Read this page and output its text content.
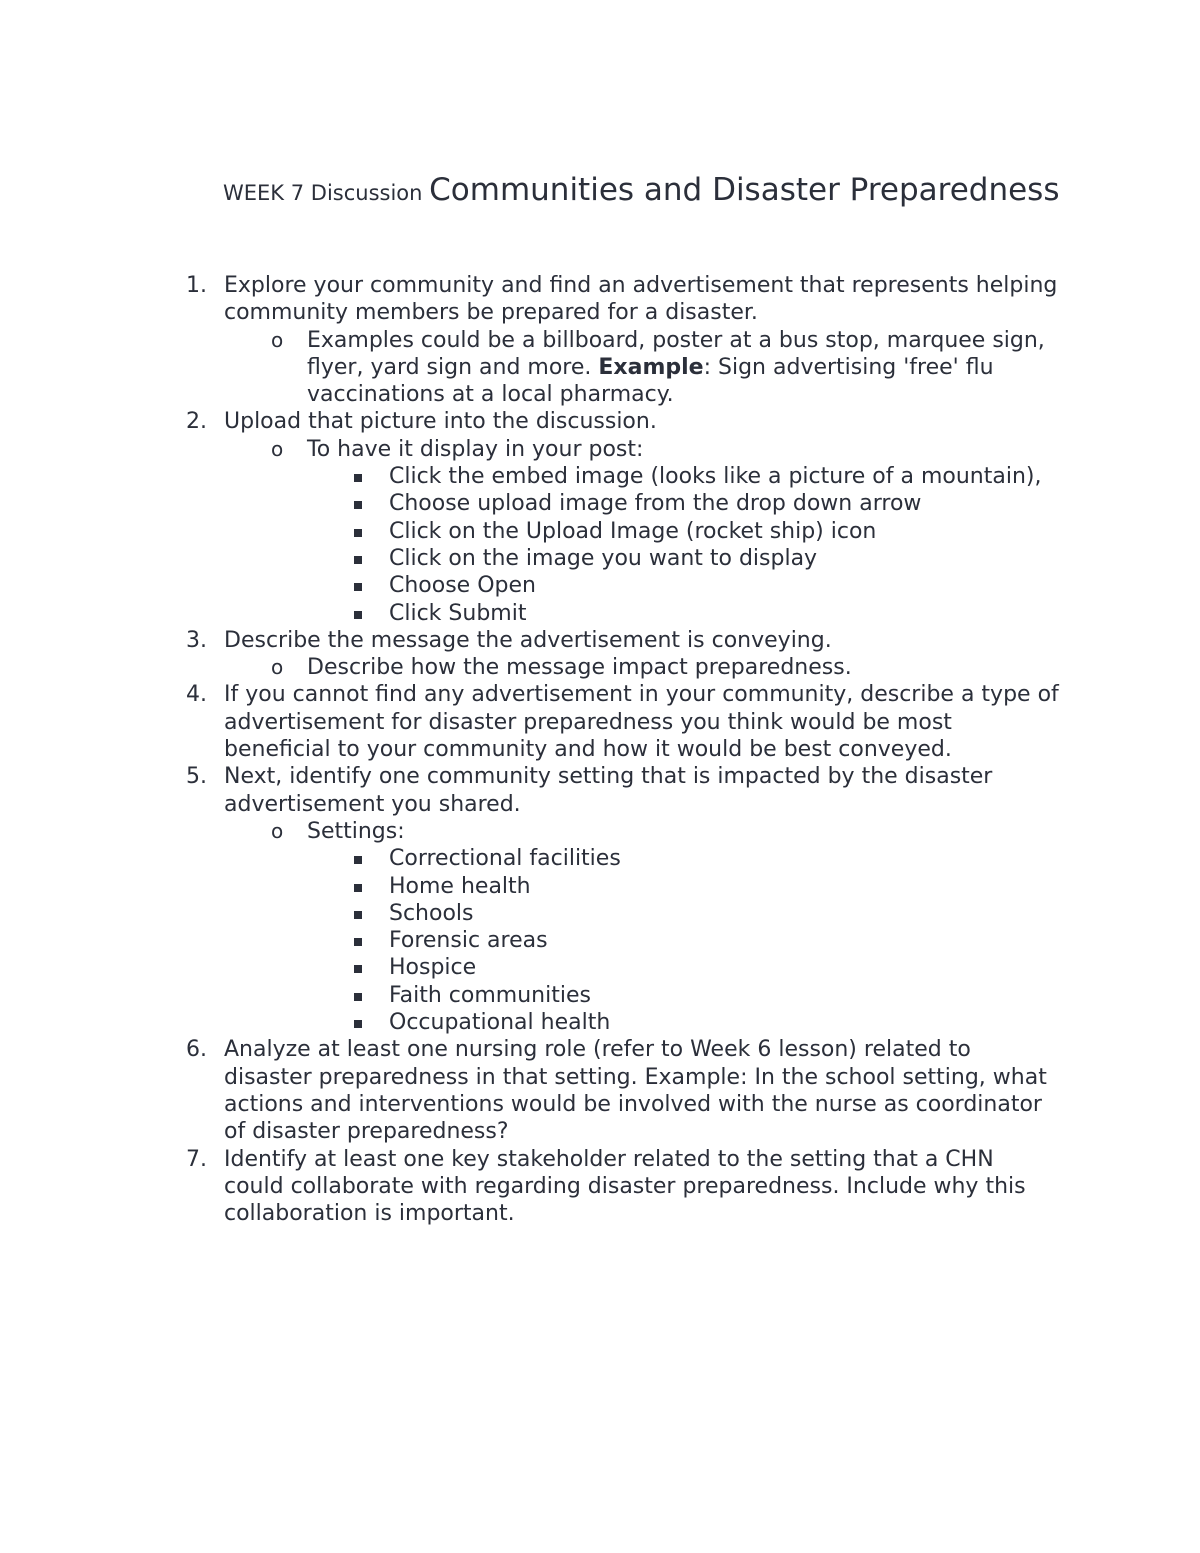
WEEK 7 Discussion Communities and Disaster Preparedness
1. Explore your community and find an advertisement that represents helping community members be prepared for a disaster.
o Examples could be a billboard, poster at a bus stop, marquee sign, flyer, yard sign and more. Example: Sign advertising 'free' flu vaccinations at a local pharmacy.
2. Upload that picture into the discussion.
o To have it display in your post:
Click the embed image (looks like a picture of a mountain),
Choose upload image from the drop down arrow
Click on the Upload Image (rocket ship) icon
Click on the image you want to display
Choose Open
Click Submit
3. Describe the message the advertisement is conveying.
o Describe how the message impact preparedness.
4. If you cannot find any advertisement in your community, describe a type of advertisement for disaster preparedness you think would be most beneficial to your community and how it would be best conveyed.
5. Next, identify one community setting that is impacted by the disaster advertisement you shared.
o Settings:
Correctional facilities
Home health
Schools
Forensic areas
Hospice
Faith communities
Occupational health
6. Analyze at least one nursing role (refer to Week 6 lesson) related to disaster preparedness in that setting. Example: In the school setting, what actions and interventions would be involved with the nurse as coordinator of disaster preparedness?
7. Identify at least one key stakeholder related to the setting that a CHN could collaborate with regarding disaster preparedness. Include why this collaboration is important.
